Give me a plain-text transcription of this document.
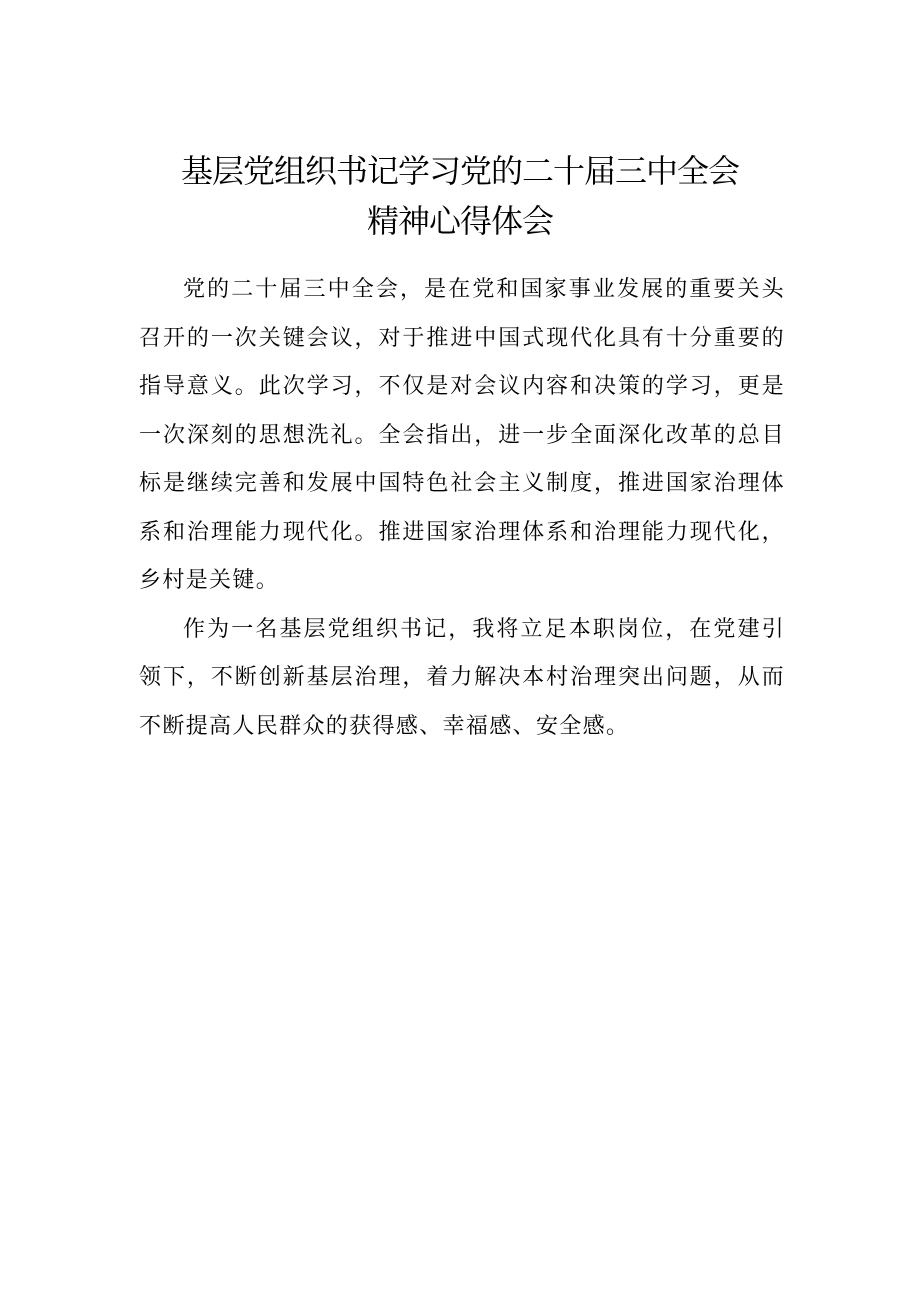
基层党组织书记学习党的二十届三中全会
精神心得体会

党的二十届三中全会，是在党和国家事业发展的重要关头召开的一次关键会议，对于推进中国式现代化具有十分重要的指导意义。此次学习，不仅是对会议内容和决策的学习，更是一次深刻的思想洗礼。全会指出，进一步全面深化改革的总目标是继续完善和发展中国特色社会主义制度，推进国家治理体系和治理能力现代化。推进国家治理体系和治理能力现代化，乡村是关键。

作为一名基层党组织书记，我将立足本职岗位，在党建引领下，不断创新基层治理，着力解决本村治理突出问题，从而不断提高人民群众的获得感、幸福感、安全感。
